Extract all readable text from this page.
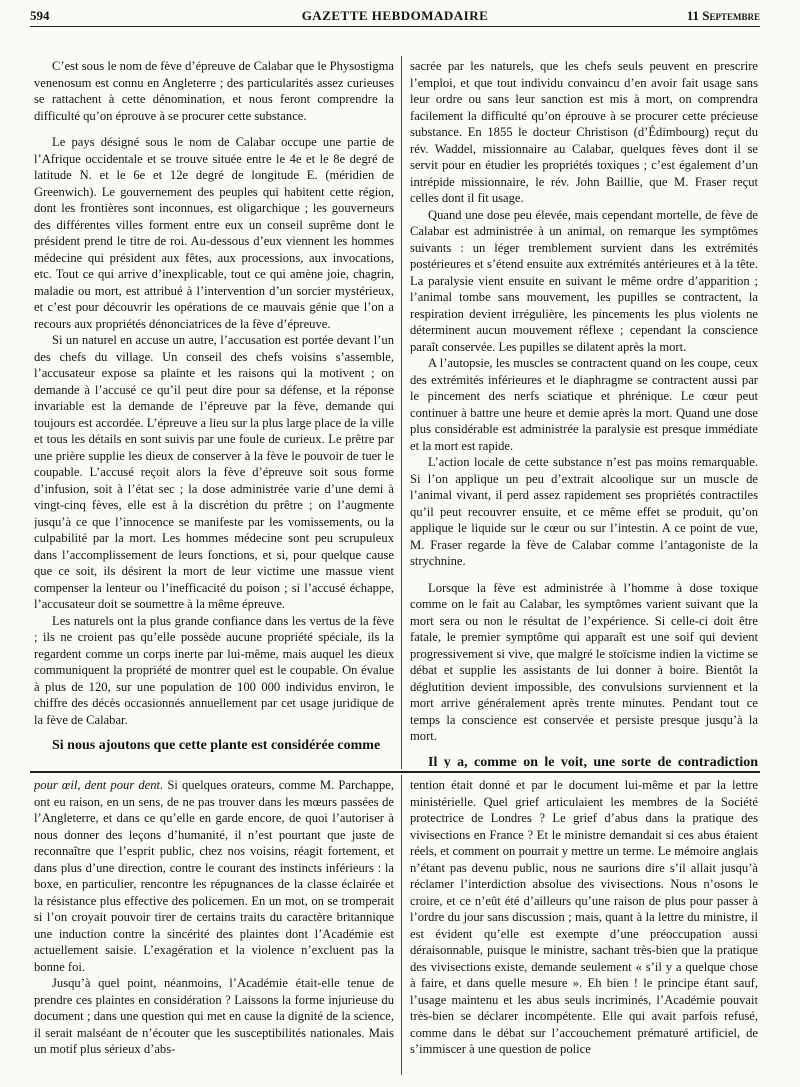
594	GAZETTE HEBDOMADAIRE	11 Septembre

C’est sous le nom de fève d’épreuve de Calabar que le Physostigma venenosum est connu en Angleterre ; des particularités assez curieuses se rattachent à cette dénomination, et nous feront comprendre la difficulté qu’on éprouve à se procurer cette substance.

Le pays désigné sous le nom de Calabar occupe une partie de l’Afrique occidentale et se trouve située entre le 4e et le 8e degré de latitude N. et le 6e et 12e degré de longitude E. (méridien de Greenwich). Le gouvernement des peuples qui habitent cette région, dont les frontières sont inconnues, est oligarchique ; les gouverneurs des différentes villes forment entre eux un conseil suprême dont le président prend le titre de roi. Au-dessous d’eux viennent les hommes médecine qui président aux fêtes, aux processions, aux invocations, etc. Tout ce qui arrive d’inexplicable, tout ce qui amène joie, chagrin, maladie ou mort, est attribué à l’intervention d’un sorcier mystérieux, et c’est pour découvrir les opérations de ce mauvais génie que l’on a recours aux propriétés dénonciatrices de la fève d’épreuve.

Si un naturel en accuse un autre, l’accusation est portée devant l’un des chefs du village. Un conseil des chefs voisins s’assemble, l’accusateur expose sa plainte et les raisons qui la motivent ; on demande à l’accusé ce qu’il peut dire pour sa défense, et la réponse invariable est la demande de l’épreuve par la fève, demande qui toujours est accordée. L’épreuve a lieu sur la plus large place de la ville et tous les détails en sont suivis par une foule de curieux. Le prêtre par une prière supplie les dieux de conserver à la fève le pouvoir de tuer le coupable. L’accusé reçoit alors la fève d’épreuve soit sous forme d’infusion, soit à l’état sec ; la dose administrée varie d’une demi à vingt-cinq fèves, elle est à la discrétion du prêtre ; on l’augmente jusqu’à ce que l’innocence se manifeste par les vomissements, ou la culpabilité par la mort. Les hommes médecine sont peu scrupuleux dans l’accomplissement de leurs fonctions, et si, pour quelque cause que ce soit, ils désirent la mort de leur victime une massue vient compenser la lenteur ou l’inefficacité du poison ; si l’accusé échappe, l’accusateur doit se soumettre à la même épreuve.

Les naturels ont la plus grande confiance dans les vertus de la fève ; ils ne croient pas qu’elle possède aucune propriété spéciale, ils la regardent comme un corps inerte par lui-même, mais auquel les dieux communiquent la propriété de montrer quel est le coupable. On évalue à plus de 120, sur une population de 100 000 individus environ, le chiffre des décès occasionnés annuellement par cet usage juridique de la fève de Calabar.

Si nous ajoutons que cette plante est considérée comme

sacrée par les naturels, que les chefs seuls peuvent en prescrire l’emploi, et que tout individu convaincu d’en avoir fait usage sans leur ordre ou sans leur sanction est mis à mort, on comprendra facilement la difficulté qu’on éprouve à se procurer cette précieuse substance. En 1855 le docteur Christison (d’Édimbourg) reçut du rév. Waddel, missionnaire au Calabar, quelques fèves dont il se servit pour en étudier les propriétés toxiques ; c’est également d’un intrépide missionnaire, le rév. John Baillie, que M. Fraser reçut celles dont il fit usage.

Quand une dose peu élevée, mais cependant mortelle, de fève de Calabar est administrée à un animal, on remarque les symptômes suivants : un léger tremblement survient dans les extrémités postérieures et s’étend ensuite aux extrémités antérieures et à la tête. La paralysie vient ensuite en suivant le même ordre d’apparition ; l’animal tombe sans mouvement, les pupilles se contractent, la respiration devient irrégulière, les pincements les plus violents ne déterminent aucun mouvement réflexe ; cependant la conscience paraît conservée. Les pupilles se dilatent après la mort.

A l’autopsie, les muscles se contractent quand on les coupe, ceux des extrémités inférieures et le diaphragme se contractent aussi par le pincement des nerfs sciatique et phrénique. Le cœur peut continuer à battre une heure et demie après la mort. Quand une dose plus considérable est administrée la paralysie est presque immédiate et la mort est rapide.

L’action locale de cette substance n’est pas moins remarquable. Si l’on applique un peu d’extrait alcoolique sur un muscle de l’animal vivant, il perd assez rapidement ses propriétés contractiles qu’il peut recouvrer ensuite, et ce même effet se produit, qu’on applique le liquide sur le cœur ou sur l’intestin. A ce point de vue, M. Fraser regarde la fève de Calabar comme l’antagoniste de la strychnine.

Lorsque la fève est administrée à l’homme à dose toxique comme on le fait au Calabar, les symptômes varient suivant que la mort sera ou non le résultat de l’expérience. Si celle-ci doit être fatale, le premier symptôme qui apparaît est une soif qui devient progressivement si vive, que malgré le stoïcisme indien la victime se débat et supplie les assistants de lui donner à boire. Bientôt la déglutition devient impossible, des convulsions surviennent et la mort arrive généralement après trente minutes. Pendant tout ce temps la conscience est conservée et persiste presque jusqu’à la mort.

Il y a, comme on le voit, une sorte de contradiction

pour œil, dent pour dent. Si quelques orateurs, comme M. Parchappe, ont eu raison, en un sens, de ne pas trouver dans les mœurs passées de l’Angleterre, et dans ce qu’elle en garde encore, de quoi l’autoriser à nous donner des leçons d’humanité, il n’est pourtant que juste de reconnaître que l’esprit public, chez nos voisins, réagit fortement, et dans plus d’une direction, contre le courant des instincts inférieurs : la boxe, en particulier, rencontre les répugnances de la classe éclairée et la résistance plus effective des policemen. En un mot, on se tromperait si l’on croyait pouvoir tirer de certains traits du caractère britannique une induction contre la sincérité des plaintes dont l’Académie est actuellement saisie. L’exagération et la violence n’excluent pas la bonne foi.

Jusqu’à quel point, néanmoins, l’Académie était-elle tenue de prendre ces plaintes en considération ? Laissons la forme injurieuse du document ; dans une question qui met en cause la dignité de la science, il serait malséant de n’écouter que les susceptibilités nationales. Mais un motif plus sérieux d’abs-

tention était donné et par le document lui-même et par la lettre ministérielle. Quel grief articulaient les membres de la Société protectrice de Londres ? Le grief d’abus dans la pratique des vivisections en France ? Et le ministre demandait si ces abus étaient réels, et comment on pourrait y mettre un terme. Le mémoire anglais n’étant pas devenu public, nous ne saurions dire s’il allait jusqu’à réclamer l’interdiction absolue des vivisections. Nous n’osons le croire, et ce n’eût été d’ailleurs qu’une raison de plus pour passer à l’ordre du jour sans discussion ; mais, quant à la lettre du ministre, il est évident qu’elle est exempte d’une préoccupation aussi déraisonnable, puisque le ministre, sachant très-bien que la pratique des vivisections existe, demande seulement « s’il y a quelque chose à faire, et dans quelle mesure ». Eh bien ! le principe étant sauf, l’usage maintenu et les abus seuls incriminés, l’Académie pouvait très-bien se déclarer incompétente. Elle qui avait parfois refusé, comme dans le débat sur l’accouchement prématuré artificiel, de s’immiscer à une question de police
